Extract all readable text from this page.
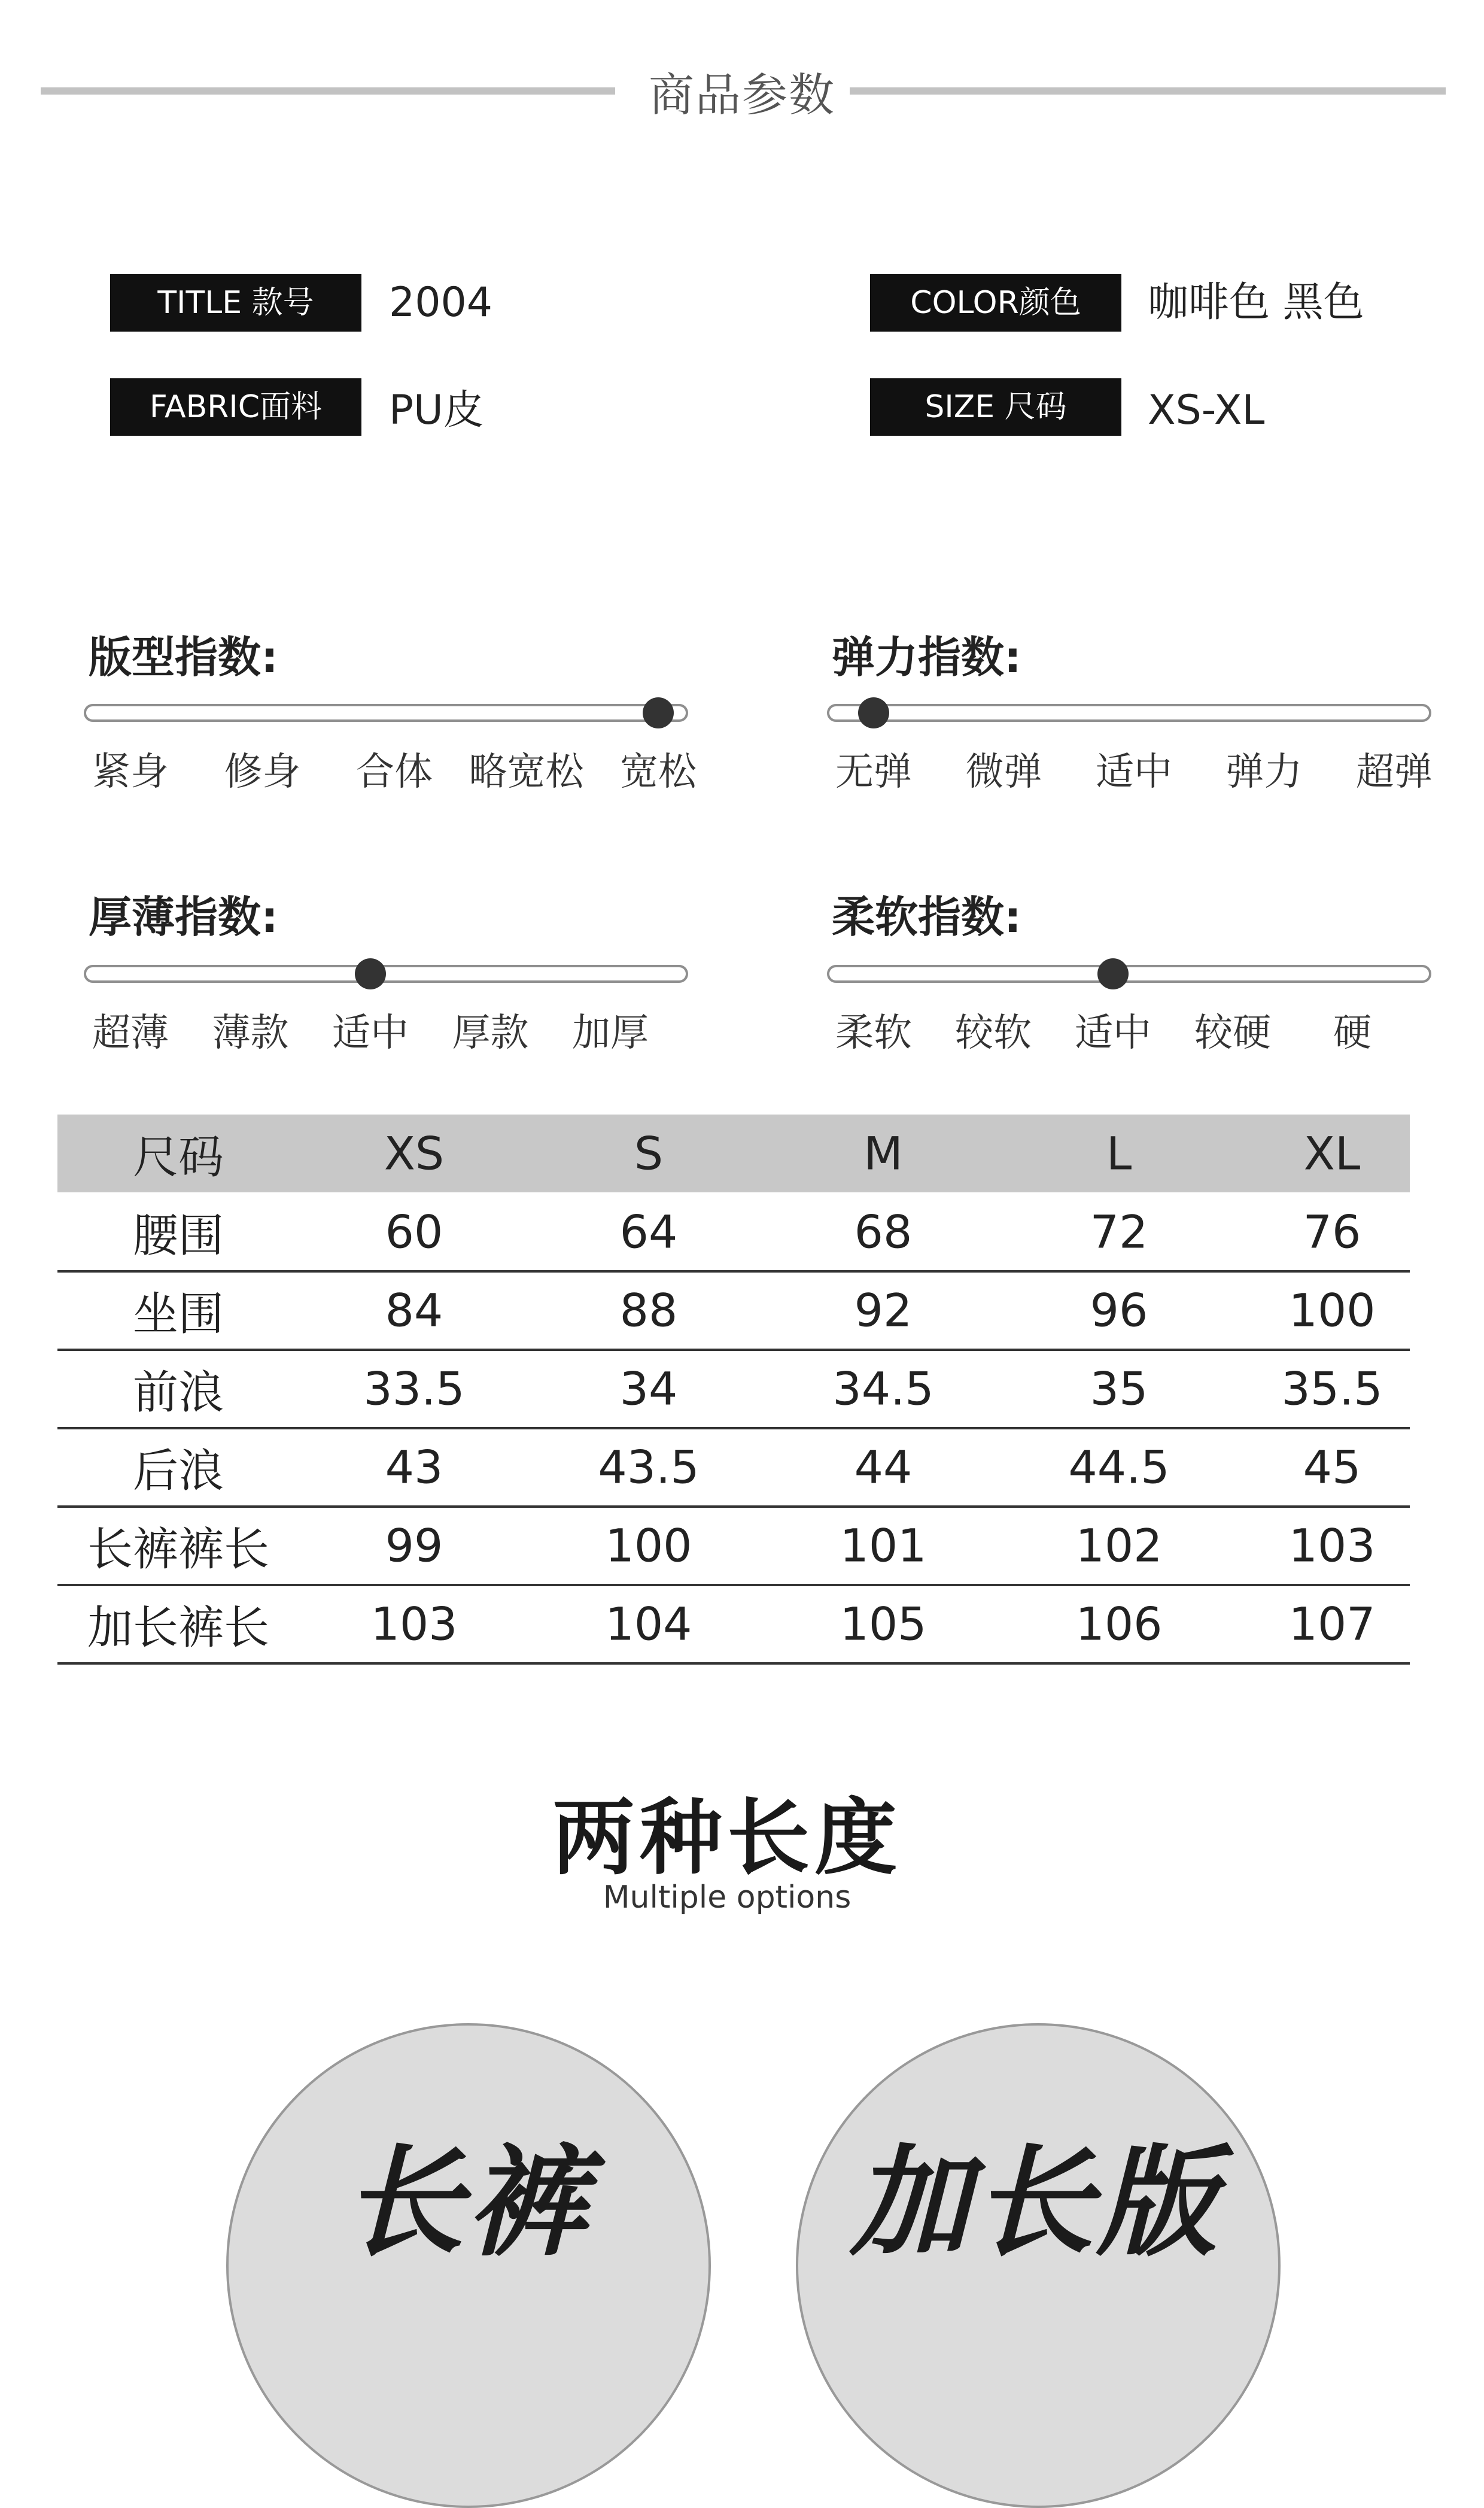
商品参数
TITLE 款号	2004	COLOR颜色	咖啡色 黑色
FABRIC面料	PU皮	SIZE 尺码	XS-XL
版型指数:
紧身 修身 合体 略宽松 宽松
弹力指数:
无弹 微弹 适中 弹力 超弹
厚薄指数:
超薄 薄款 适中 厚款 加厚
柔软指数:
柔软 较软 适中 较硬 硬
尺码	XS	S	M	L	XL
腰围	60	64	68	72	76
坐围	84	88	92	96	100
前浪	33.5	34	34.5	35	35.5
后浪	43	43.5	44	44.5	45
长裤裤长	99	100	101	102	103
加长裤长 103	104	105	106	107
两种长度
Multiple options
长裤 加长版
